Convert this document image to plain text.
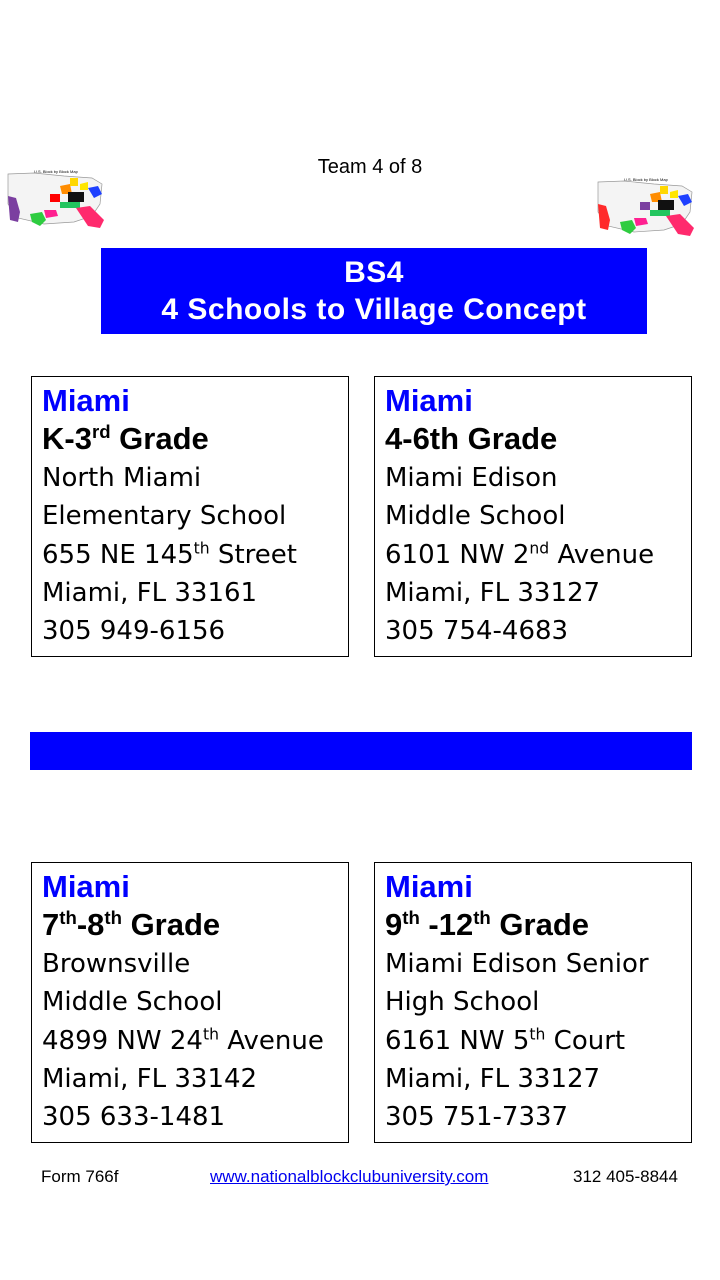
Team 4 of 8
U.S. Block by Block Map
U.S. Block by Block Map
BS4
4 Schools to Village Concept
Miami
K-3rd Grade
North Miami
Elementary School
655 NE 145th Street
Miami, FL 33161
305 949-6156
Miami
4-6th Grade
Miami Edison
Middle School
6101 NW 2nd Avenue
Miami, FL 33127
305 754-4683
Miami
7th-8th Grade
Brownsville
Middle School
4899 NW 24th Avenue
Miami, FL 33142
305 633-1481
Miami
9th -12th Grade
Miami Edison Senior
High School
6161 NW 5th Court
Miami, FL 33127
305 751-7337
Form 766f	www.nationalblockclubuniversity.com	312 405-8844
